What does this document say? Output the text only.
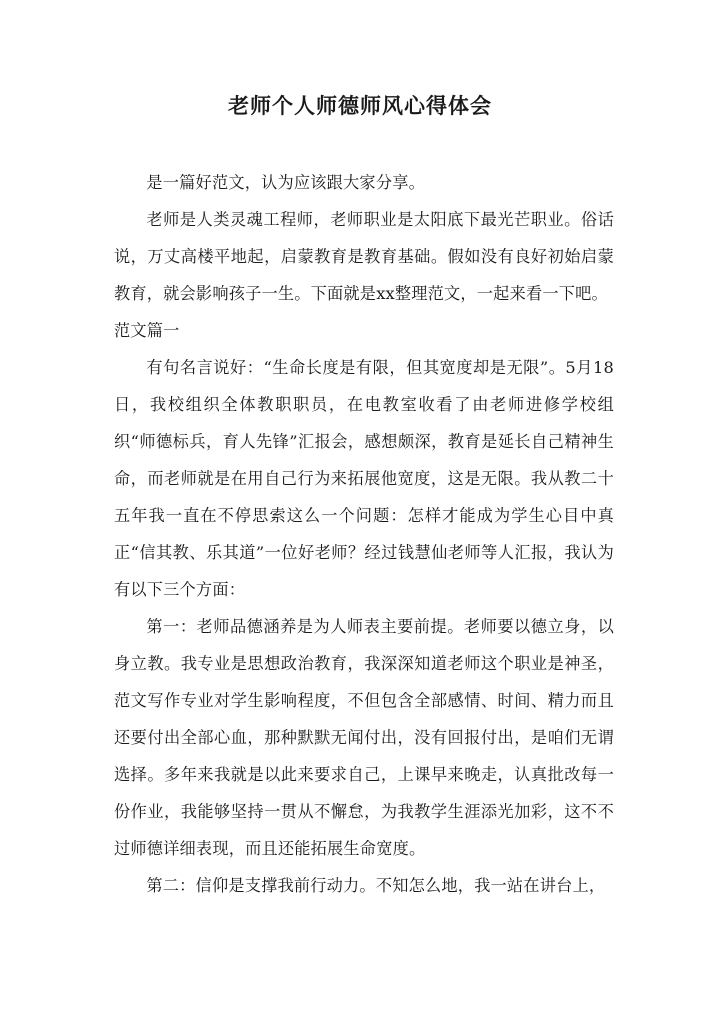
老师个人师德师风心得体会

是一篇好范文，认为应该跟大家分享。

老师是人类灵魂工程师，老师职业是太阳底下最光芒职业。俗话说，万丈高楼平地起，启蒙教育是教育基础。假如没有良好初始启蒙教育，就会影响孩子一生。下面就是xx整理范文，一起来看一下吧。

范文篇一

有句名言说好：“生命长度是有限，但其宽度却是无限”。5月18日，我校组织全体教职职员，在电教室收看了由老师进修学校组织“师德标兵，育人先锋”汇报会，感想颇深，教育是延长自己精神生命，而老师就是在用自己行为来拓展他宽度，这是无限。我从教二十五年我一直在不停思索这么一个问题：怎样才能成为学生心目中真正“信其教、乐其道”一位好老师？经过钱慧仙老师等人汇报，我认为有以下三个方面：

第一：老师品德涵养是为人师表主要前提。老师要以德立身，以身立教。我专业是思想政治教育，我深深知道老师这个职业是神圣，范文写作专业对学生影响程度，不但包含全部感情、时间、精力而且还要付出全部心血，那种默默无闻付出，没有回报付出，是咱们无谓选择。多年来我就是以此来要求自己，上课早来晚走，认真批改每一份作业，我能够坚持一贯从不懈怠，为我教学生涯添光加彩，这不不过师德详细表现，而且还能拓展生命宽度。

第二：信仰是支撑我前行动力。不知怎么地，我一站在讲台上，
